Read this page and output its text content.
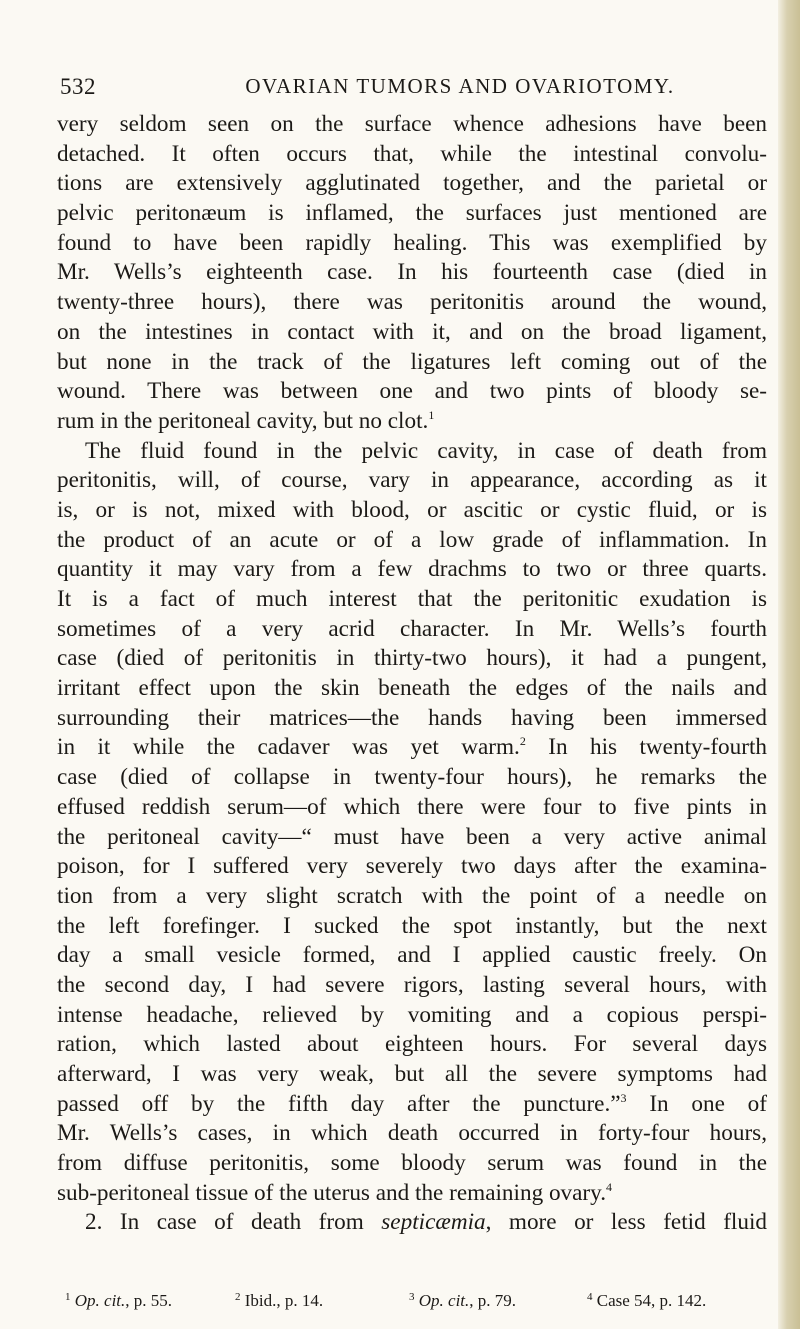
532	OVARIAN TUMORS AND OVARIOTOMY.
very seldom seen on the surface whence adhesions have been
detached. It often occurs that, while the intestinal convolu-
tions are extensively agglutinated together, and the parietal or
pelvic peritonæum is inflamed, the surfaces just mentioned are
found to have been rapidly healing. This was exemplified by
Mr. Wells’s eighteenth case. In his fourteenth case (died in
twenty-three hours), there was peritonitis around the wound,
on the intestines in contact with it, and on the broad ligament,
but none in the track of the ligatures left coming out of the
wound. There was between one and two pints of bloody se-
rum in the peritoneal cavity, but no clot.$^1$
The fluid found in the pelvic cavity, in case of death from
peritonitis, will, of course, vary in appearance, according as it
is, or is not, mixed with blood, or ascitic or cystic fluid, or is
the product of an acute or of a low grade of inflammation. In
quantity it may vary from a few drachms to two or three quarts.
It is a fact of much interest that the peritonitic exudation is
sometimes of a very acrid character. In Mr. Wells’s fourth
case (died of peritonitis in thirty-two hours), it had a pungent,
irritant effect upon the skin beneath the edges of the nails and
surrounding their matrices—the hands having been immersed
in it while the cadaver was yet warm.$^2$ In his twenty-fourth
case (died of collapse in twenty-four hours), he remarks the
effused reddish serum—of which there were four to five pints in
the peritoneal cavity—“ must have been a very active animal
poison, for I suffered very severely two days after the examina-
tion from a very slight scratch with the point of a needle on
the left forefinger. I sucked the spot instantly, but the next
day a small vesicle formed, and I applied caustic freely. On
the second day, I had severe rigors, lasting several hours, with
intense headache, relieved by vomiting and a copious perspi-
ration, which lasted about eighteen hours. For several days
afterward, I was very weak, but all the severe symptoms had
passed off by the fifth day after the puncture.”$^3$ In one of
Mr. Wells’s cases, in which death occurred in forty-four hours,
from diffuse peritonitis, some bloody serum was found in the
sub-peritoneal tissue of the uterus and the remaining ovary.$^4$
2. In case of death from septicæmia, more or less fetid fluid
$^1$ Op. cit., p. 55.	$^2$ Ibid., p. 14.	$^3$ Op. cit., p. 79.	$^4$ Case 54, p. 142.
